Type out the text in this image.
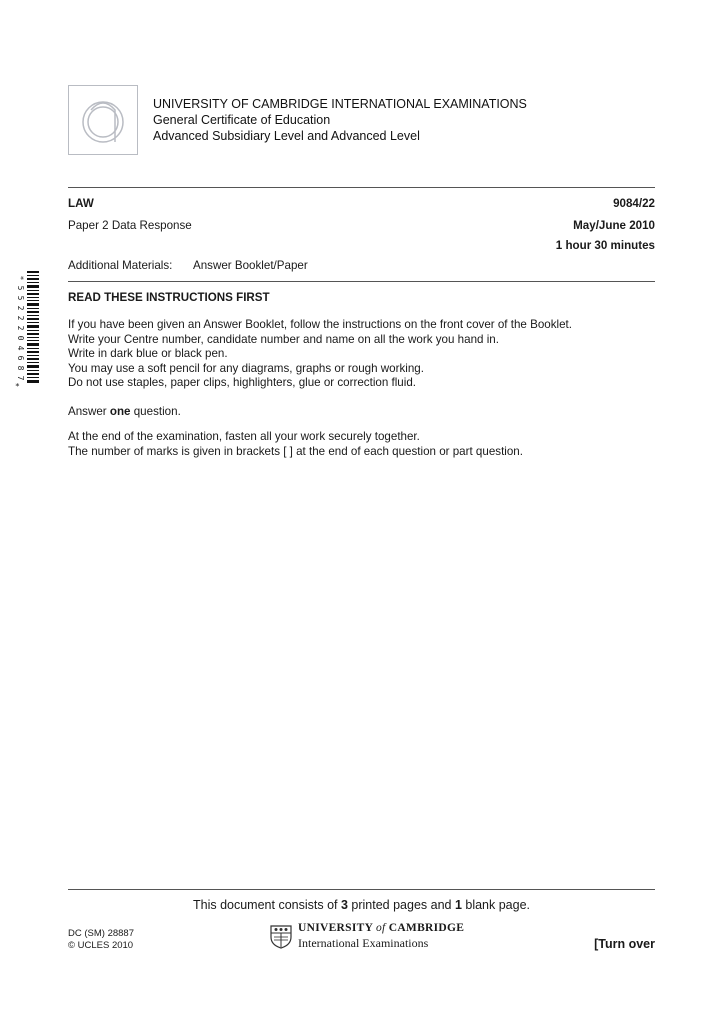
UNIVERSITY OF CAMBRIDGE INTERNATIONAL EXAMINATIONS
General Certificate of Education
Advanced Subsidiary Level and Advanced Level
LAW	9084/22
Paper 2 Data Response	May/June 2010
1 hour 30 minutes
Additional Materials: Answer Booklet/Paper
*
5
5
2
2
2
0
4
6
8
7
*
READ THESE INSTRUCTIONS FIRST
If you have been given an Answer Booklet, follow the instructions on the front cover of the Booklet.
Write your Centre number, candidate number and name on all the work you hand in.
Write in dark blue or black pen.
You may use a soft pencil for any diagrams, graphs or rough working.
Do not use staples, paper clips, highlighters, glue or correction fluid.
Answer one question.
At the end of the examination, fasten all your work securely together.
The number of marks is given in brackets [ ] at the end of each question or part question.
This document consists of 3 printed pages and 1 blank page.
DC (SM) 28887
© UCLES 2010
UNIVERSITY of CAMBRIDGE
International Examinations	[Turn over
